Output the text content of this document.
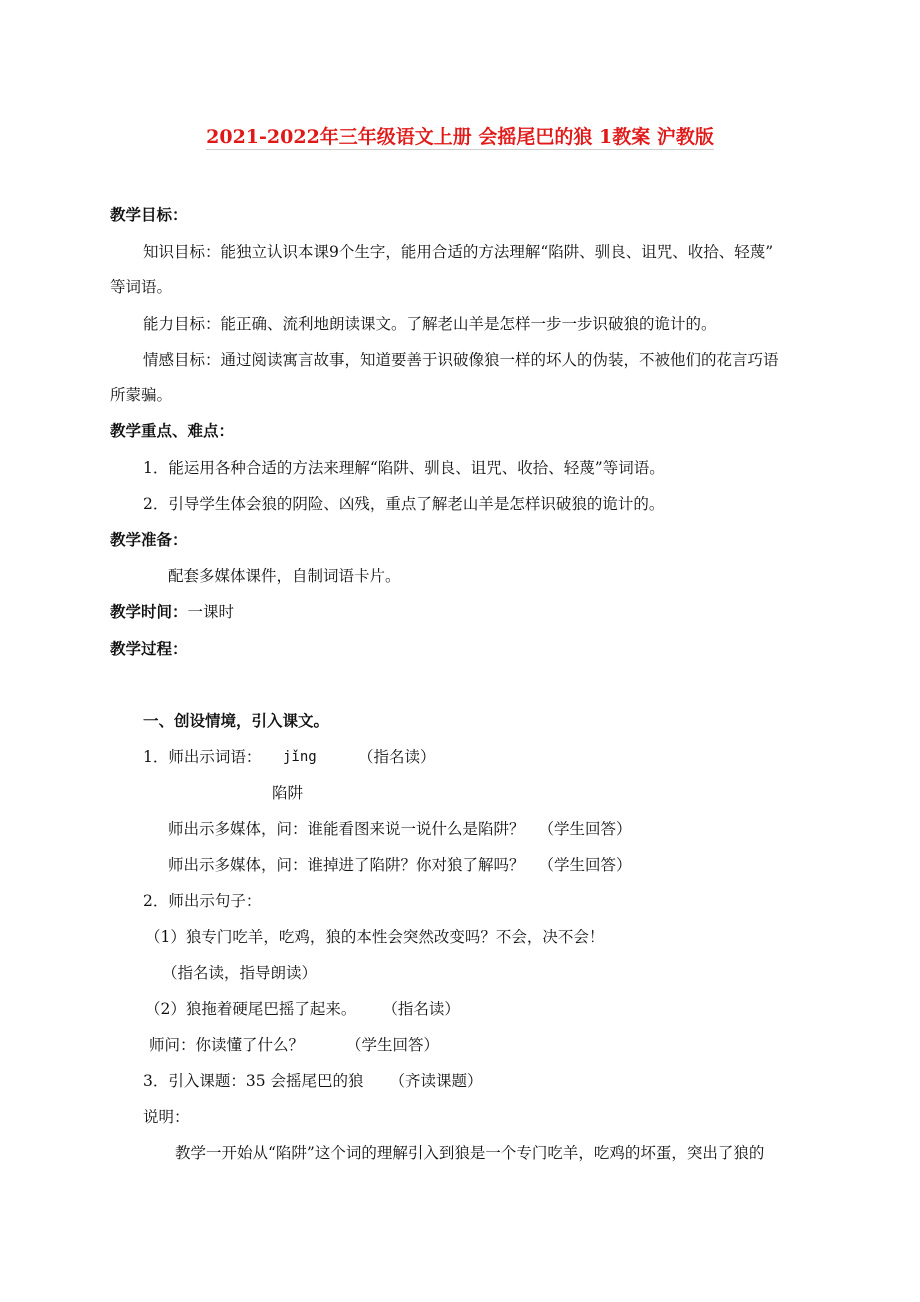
2021-2022年三年级语文上册 会摇尾巴的狼 1教案 沪教版
教学目标：
知识目标：能独立认识本课9个生字，能用合适的方法理解“陷阱、驯良、诅咒、收拾、轻蔑”
等词语。
能力目标：能正确、流利地朗读课文。了解老山羊是怎样一步一步识破狼的诡计的。
情感目标：通过阅读寓言故事，知道要善于识破像狼一样的坏人的伪装，不被他们的花言巧语
所蒙骗。
教学重点、难点：
1．能运用各种合适的方法来理解“陷阱、驯良、诅咒、收拾、轻蔑”等词语。
2．引导学生体会狼的阴险、凶残，重点了解老山羊是怎样识破狼的诡计的。
教学准备：
配套多媒体课件，自制词语卡片。
教学时间：一课时
教学过程：
一、创设情境，引入课文。
1．师出示词语： jǐng	（指名读）
陷阱
师出示多媒体，问：谁能看图来说一说什么是陷阱？ （学生回答）
师出示多媒体，问：谁掉进了陷阱？你对狼了解吗？ （学生回答）
2．师出示句子：
（1）狼专门吃羊，吃鸡，狼的本性会突然改变吗？不会，决不会！
（指名读，指导朗读）
（2）狼拖着硬尾巴摇了起来。 （指名读）
师问：你读懂了什么？	（学生回答）
3．引入课题：35 会摇尾巴的狼 （齐读课题）
说明：
教学一开始从“陷阱”这个词的理解引入到狼是一个专门吃羊，吃鸡的坏蛋，突出了狼的
